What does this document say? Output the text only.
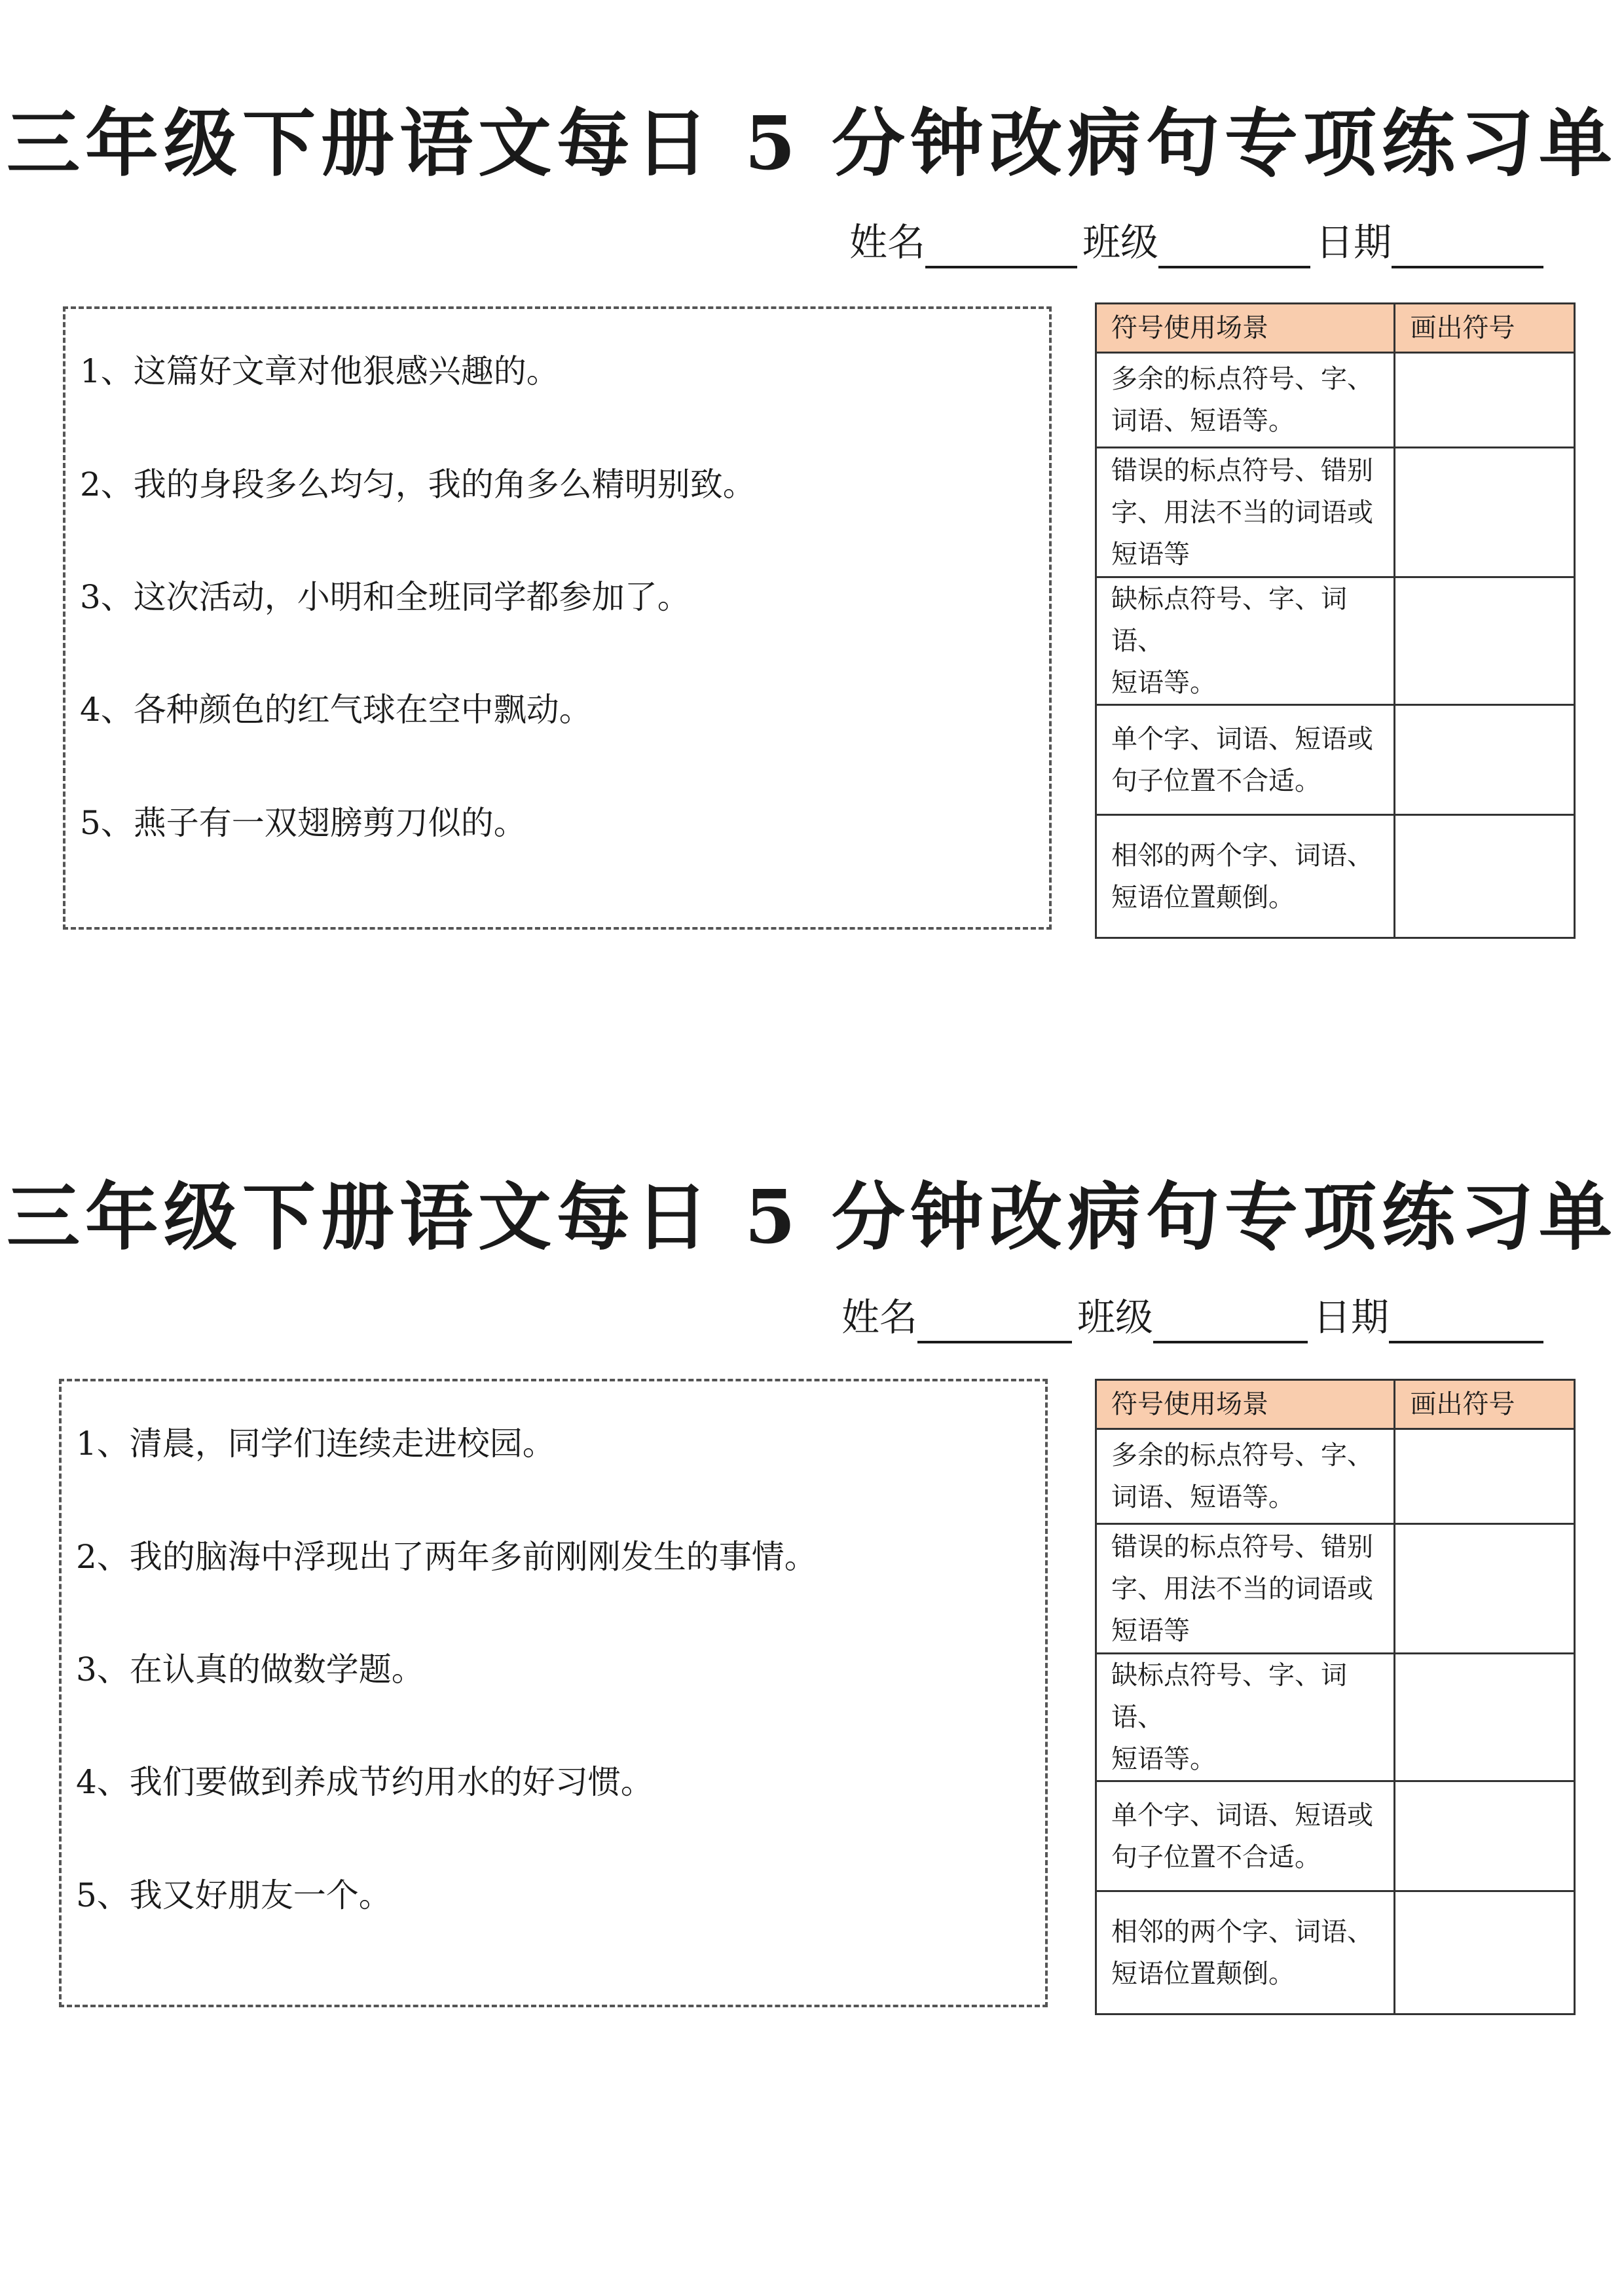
三年级下册语文每日 5 分钟改病句专项练习单
姓名	班级	日期
1、这篇好文章对他狠感兴趣的。
2、我的身段多么均匀，我的角多么精明别致。
3、这次活动，小明和全班同学都参加了。
4、各种颜色的红气球在空中飘动。
5、燕子有一双翅膀剪刀似的。
符号使用场景	画出符号

多余的标点符号、字、
词语、短语等。	

错误的标点符号、错别
字、用法不当的词语或
短语等	

缺标点符号、字、词语、
短语等。	

单个字、词语、短语或
句子位置不合适。	

相邻的两个字、词语、
短语位置颠倒。	

三年级下册语文每日 5 分钟改病句专项练习单
姓名	班级	日期
1、清晨，同学们连续走进校园。
2、我的脑海中浮现出了两年多前刚刚发生的事情。
3、在认真的做数学题。
4、我们要做到养成节约用水的好习惯。
5、我又好朋友一个。
符号使用场景	画出符号

多余的标点符号、字、
词语、短语等。	

错误的标点符号、错别
字、用法不当的词语或
短语等	

缺标点符号、字、词语、
短语等。	

单个字、词语、短语或
句子位置不合适。	

相邻的两个字、词语、
短语位置颠倒。	
